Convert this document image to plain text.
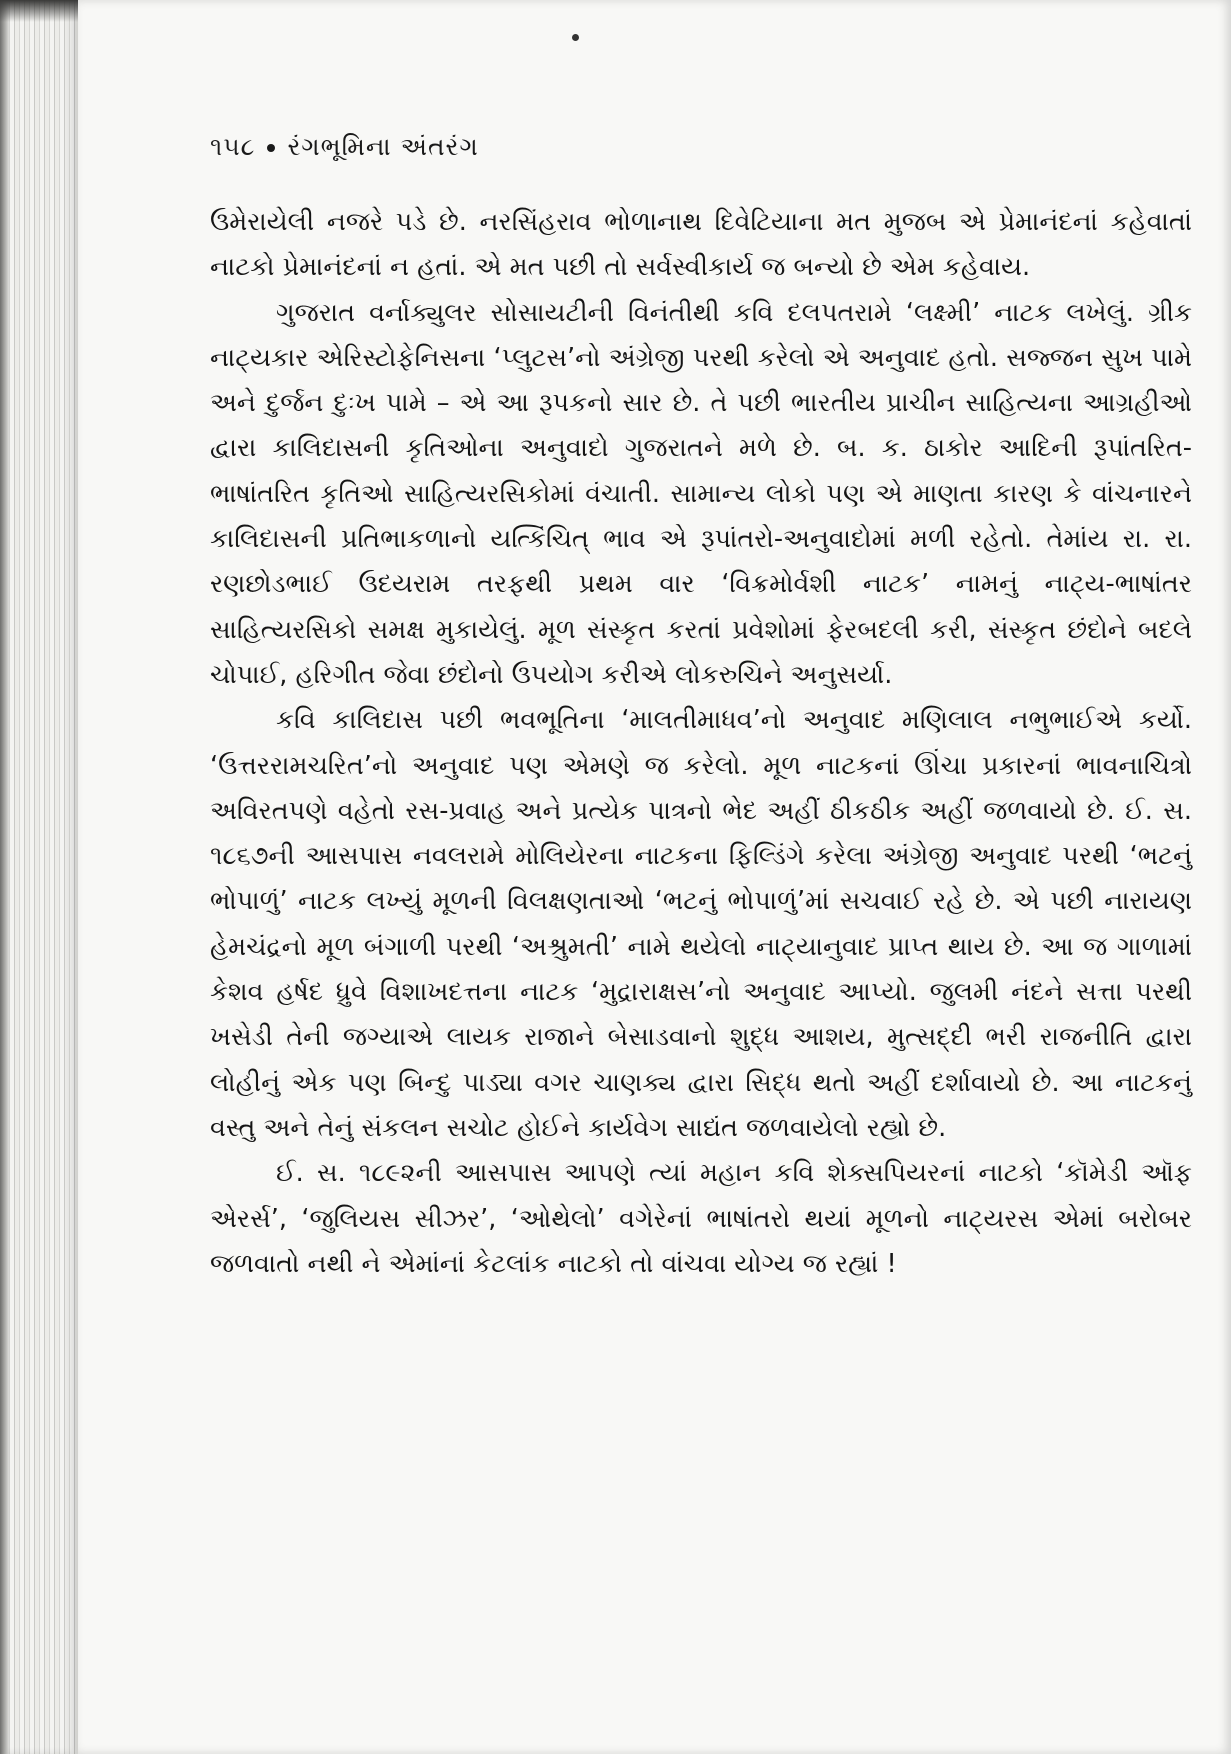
૧૫૮ રંગભૂમિના અંતરંગ

ઉમેરાયેલી નજરે પડે છે. નરસિંહરાવ ભોળાનાથ દિવેટિયાના મત મુજબ એ પ્રેમાનંદનાં કહેવાતાં નાટકો પ્રેમાનંદનાં ન હતાં. એ મત પછી તો સર્વસ્વીકાર્ય જ બન્યો છે એમ કહેવાય.

ગુજરાત વર્નાક્યુલર સોસાયટીની વિનંતીથી કવિ દલપતરામે ‘લક્ષ્મી’ નાટક લખેલું. ગ્રીક નાટ્યકાર એરિસ્ટોફેનિસના ‘પ્લુટસ’નો અંગ્રેજી પરથી કરેલો એ અનુવાદ હતો. સજ્જન સુખ પામે અને દુર્જન દુઃખ પામે – એ આ રૂપકનો સાર છે. તે પછી ભારતીય પ્રાચીન સાહિત્યના આગ્રહીઓ દ્વારા કાલિદાસની કૃતિઓના અનુવાદો ગુજરાતને મળે છે. બ. ક. ઠાકોર આદિની રૂપાંતરિત-ભાષાંતરિત કૃતિઓ સાહિત્યરસિકોમાં વંચાતી. સામાન્ય લોકો પણ એ માણતા કારણ કે વાંચનારને કાલિદાસની પ્રતિભાકળાનો યત્કિંચિત્ ભાવ એ રૂપાંતરો-અનુવાદોમાં મળી રહેતો. તેમાંય રા. રા. રણછોડભાઈ ઉદયરામ તરફથી પ્રથમ વાર ‘વિક્રમોર્વશી નાટક’ નામનું નાટ્ય-ભાષાંતર સાહિત્યરસિકો સમક્ષ મુકાયેલું. મૂળ સંસ્કૃત કરતાં પ્રવેશોમાં ફેરબદલી કરી, સંસ્કૃત છંદોને બદલે ચોપાઈ, હરિગીત જેવા છંદોનો ઉપયોગ કરીએ લોકરુચિને અનુસર્યા.

કવિ કાલિદાસ પછી ભવભૂતિના ‘માલતીમાધવ’નો અનુવાદ મણિલાલ નભુભાઈએ કર્યો. ‘ઉત્તરરામચરિત’નો અનુવાદ પણ એમણે જ કરેલો. મૂળ નાટકનાં ઊંચા પ્રકારનાં ભાવનાચિત્રો અવિરતપણે વહેતો રસ-પ્રવાહ અને પ્રત્યેક પાત્રનો ભેદ અહીં ઠીકઠીક અહીં જળવાયો છે. ઈ. સ. ૧૮૬૭ની આસપાસ નવલરામે મોલિયેરના નાટકના ફિલ્ડિંગે કરેલા અંગ્રેજી અનુવાદ પરથી ‘ભટનું ભોપાળું’ નાટક લખ્યું મૂળની વિલક્ષણતાઓ ‘ભટનું ભોપાળું’માં સચવાઈ રહે છે. એ પછી નારાયણ હેમચંદ્રનો મૂળ બંગાળી પરથી ‘અશ્રુમતી’ નામે થયેલો નાટ્યાનુવાદ પ્રાપ્ત થાય છે. આ જ ગાળામાં કેશવ હર્ષદ ધ્રુવે વિશાખદત્તના નાટક ‘મુદ્રારાક્ષસ’નો અનુવાદ આપ્યો. જુલમી નંદને સત્તા પરથી ખસેડી તેની જગ્યાએ લાયક રાજાને બેસાડવાનો શુદ્ધ આશય, મુત્સદ્દી ભરી રાજનીતિ દ્વારા લોહીનું એક પણ બિન્દુ પાડ્યા વગર ચાણક્ય દ્વારા સિદ્ધ થતો અહીં દર્શાવાયો છે. આ નાટકનું વસ્તુ અને તેનું સંકલન સચોટ હોઈને કાર્યવેગ સાદ્યંત જળવાયેલો રહ્યો છે.

ઈ. સ. ૧૮૯૨ની આસપાસ આપણે ત્યાં મહાન કવિ શેક્સપિયરનાં નાટકો ‘કૉમેડી ઑફ એરર્સ’, ‘જુલિયસ સીઝર’, ‘ઓથેલો’ વગેરેનાં ભાષાંતરો થયાં મૂળનો નાટ્યરસ એમાં બરોબર જળવાતો નથી ને એમાંનાં કેટલાંક નાટકો તો વાંચવા યોગ્ય જ રહ્યાં !
